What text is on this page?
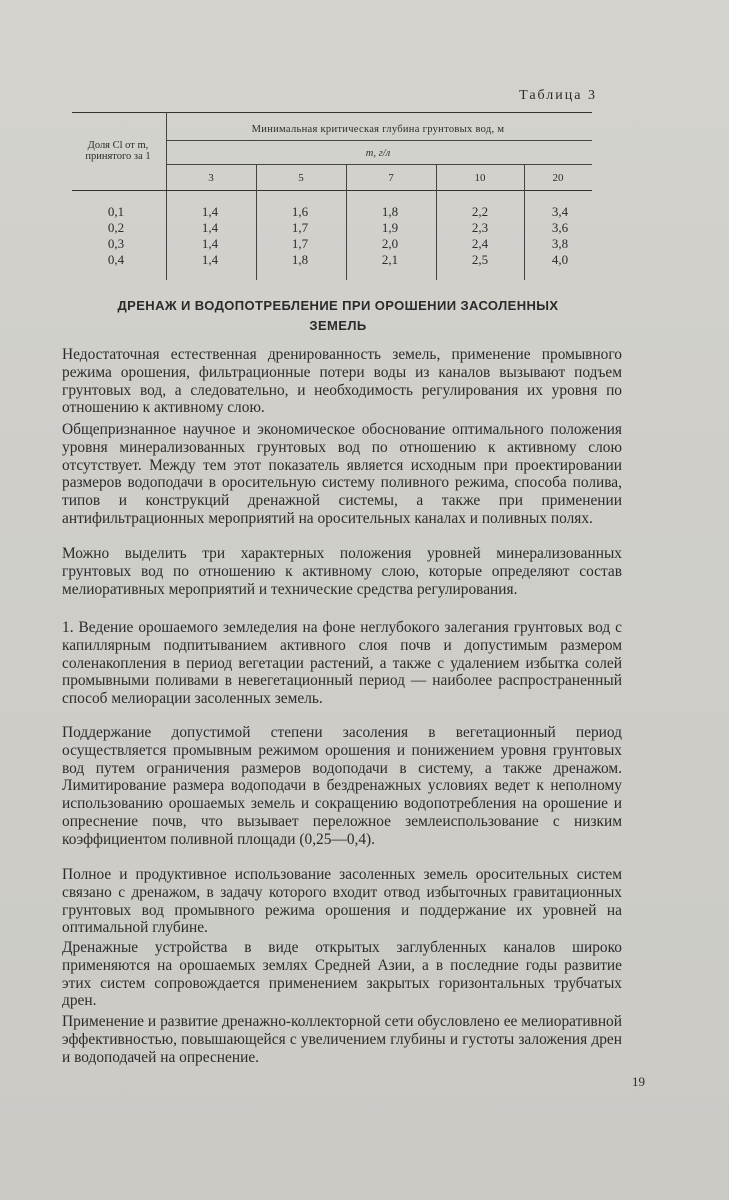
Таблица 3
Доля Cl от m, принятого за 1
Минимальная критическая глубина грунтовых вод, м
m, г/л
3	5	7	10	20
0,1	1,4	1,6	1,8	2,2	3,4
0,2	1,4	1,7	1,9	2,3	3,6
0,3	1,4	1,7	2,0	2,4	3,8
0,4	1,4	1,8	2,1	2,5	4,0
ДРЕНАЖ И ВОДОПОТРЕБЛЕНИЕ ПРИ ОРОШЕНИИ ЗАСОЛЕННЫХ
ЗЕМЕЛЬ

Недостаточная естественная дренированность земель, применение промывного режима орошения, фильтрационные потери воды из каналов вызывают подъем грунтовых вод, а следовательно, и необходимость регулирования их уровня по отношению к активному слою.

Общепризнанное научное и экономическое обоснование оптимального положения уровня минерализованных грунтовых вод по отношению к активному слою отсутствует. Между тем этот показатель является исходным при проектировании размеров водоподачи в оросительную систему поливного режима, способа полива, типов и конструкций дренажной системы, а также при применении антифильтрационных мероприятий на оросительных каналах и поливных полях.

Можно выделить три характерных положения уровней минерализованных грунтовых вод по отношению к активному слою, которые определяют состав мелиоративных мероприятий и технические средства регулирования.

1. Ведение орошаемого земледелия на фоне неглубокого залегания грунтовых вод с капиллярным подпитыванием активного слоя почв и допустимым размером соленакопления в период вегетации растений, а также с удалением избытка солей промывными поливами в невегетационный период — наиболее распространенный способ мелиорации засоленных земель.

Поддержание допустимой степени засоления в вегетационный период осуществляется промывным режимом орошения и понижением уровня грунтовых вод путем ограничения размеров водоподачи в систему, а также дренажом. Лимитирование размера водоподачи в бездренажных условиях ведет к неполному использованию орошаемых земель и сокращению водопотребления на орошение и опреснение почв, что вызывает переложное землеиспользование с низким коэффициентом поливной площади (0,25—0,4).

Полное и продуктивное использование засоленных земель оросительных систем связано с дренажом, в задачу которого входит отвод избыточных гравитационных грунтовых вод промывного режима орошения и поддержание их уровней на оптимальной глубине.

Дренажные устройства в виде открытых заглубленных каналов широко применяются на орошаемых землях Средней Азии, а в последние годы развитие этих систем сопровождается применением закрытых горизонтальных трубчатых дрен.

Применение и развитие дренажно-коллекторной сети обусловлено ее мелиоративной эффективностью, повышающейся с увеличением глубины и густоты заложения дрен и водоподачей на опреснение.

19
